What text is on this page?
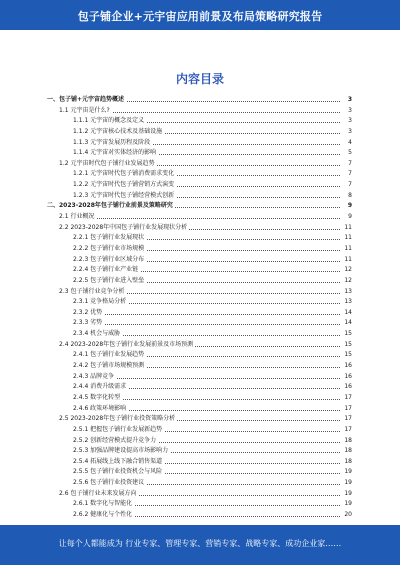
包子铺企业+元宇宙应用前景及布局策略研究报告
内容目录
一、包子铺+元宇宙趋势概述	3
1.1 元宇宙是什么?	3
1.1.1 元宇宙的概念及定义	3
1.1.2 元宇宙核心技术及基础设施	3
1.1.3 元宇宙发展历程及阶段	4
1.1.4 元宇宙对实体经济的影响	5
1.2 元宇宙时代包子铺行业发展趋势	7
1.2.1 元宇宙时代包子铺消费需求变化	7
1.2.2 元宇宙时代包子铺营销方式演变	7
1.2.3 元宇宙时代包子铺经营模式创新	8
二、2023-2028年包子铺行业前景及策略研究	9
2.1 行业概况	9
2.2 2023-2028年中国包子铺行业发展现状分析	11
2.2.1 包子铺行业发展现状	11
2.2.2 包子铺行业市场规模	11
2.2.3 包子铺行业区域分布	11
2.2.4 包子铺行业产业链	12
2.2.5 包子铺行业进入壁垒	12
2.3 包子铺行业竞争分析	13
2.3.1 竞争格局分析	13
2.3.2 优势	14
2.3.3 劣势	14
2.3.4 机会与威胁	15
2.4 2023-2028年包子铺行业发展前景及市场预测	15
2.4.1 包子铺行业发展趋势	15
2.4.2 包子铺市场规模预测	16
2.4.3 品牌竞争	16
2.4.4 消费升级需求	16
2.4.5 数字化转型	17
2.4.6 政策环境影响	17
2.5 2023-2028年包子铺行业投资策略分析	17
2.5.1 把握包子铺行业发展新趋势	17
2.5.2 创新经营模式提升竞争力	18
2.5.3 加强品牌建设提高市场影响力	18
2.5.4 拓展线上线下融合销售渠道	18
2.5.5 包子铺行业投资机会与风险	19
2.5.6 包子铺行业投资建议	19
2.6 包子铺行业未来发展方向	19
2.6.1 数字化与智能化	19
2.6.2 健康化与个性化	20
让每个人都能成为 行业专家、管理专家、营销专家、战略专家、成功企业家……
